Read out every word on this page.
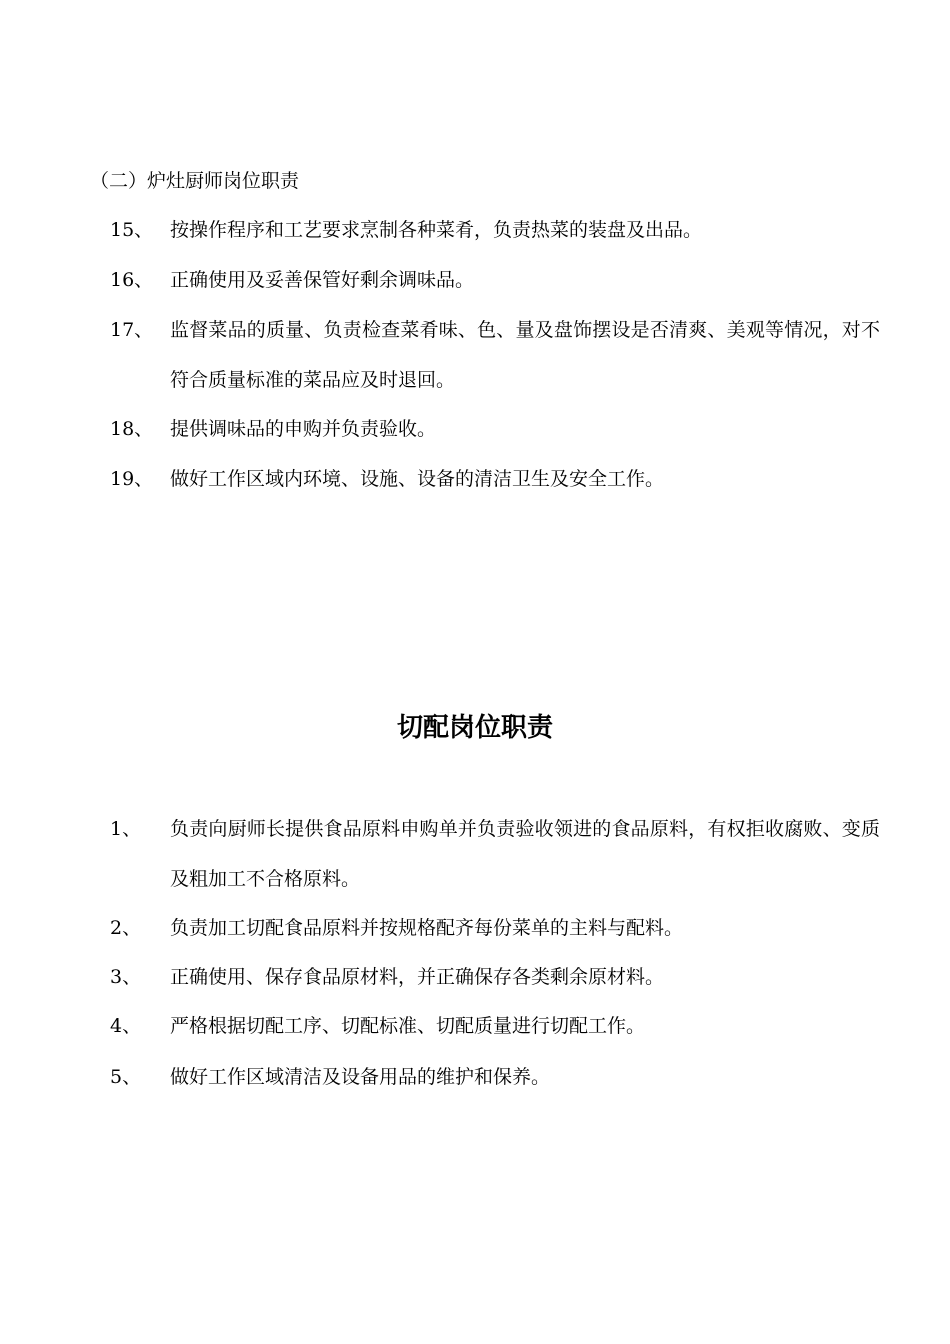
（二）炉灶厨师岗位职责
15、 按操作程序和工艺要求烹制各种菜肴，负责热菜的装盘及出品。
16、 正确使用及妥善保管好剩余调味品。
17、 监督菜品的质量、负责检查菜肴味、色、量及盘饰摆设是否清爽、美观等情况，对不符合质量标准的菜品应及时退回。
18、 提供调味品的申购并负责验收。
19、 做好工作区域内环境、设施、设备的清洁卫生及安全工作。
切配岗位职责
1、 负责向厨师长提供食品原料申购单并负责验收领进的食品原料，有权拒收腐败、变质及粗加工不合格原料。
2、 负责加工切配食品原料并按规格配齐每份菜单的主料与配料。
3、 正确使用、保存食品原材料，并正确保存各类剩余原材料。
4、 严格根据切配工序、切配标准、切配质量进行切配工作。
5、 做好工作区域清洁及设备用品的维护和保养。
